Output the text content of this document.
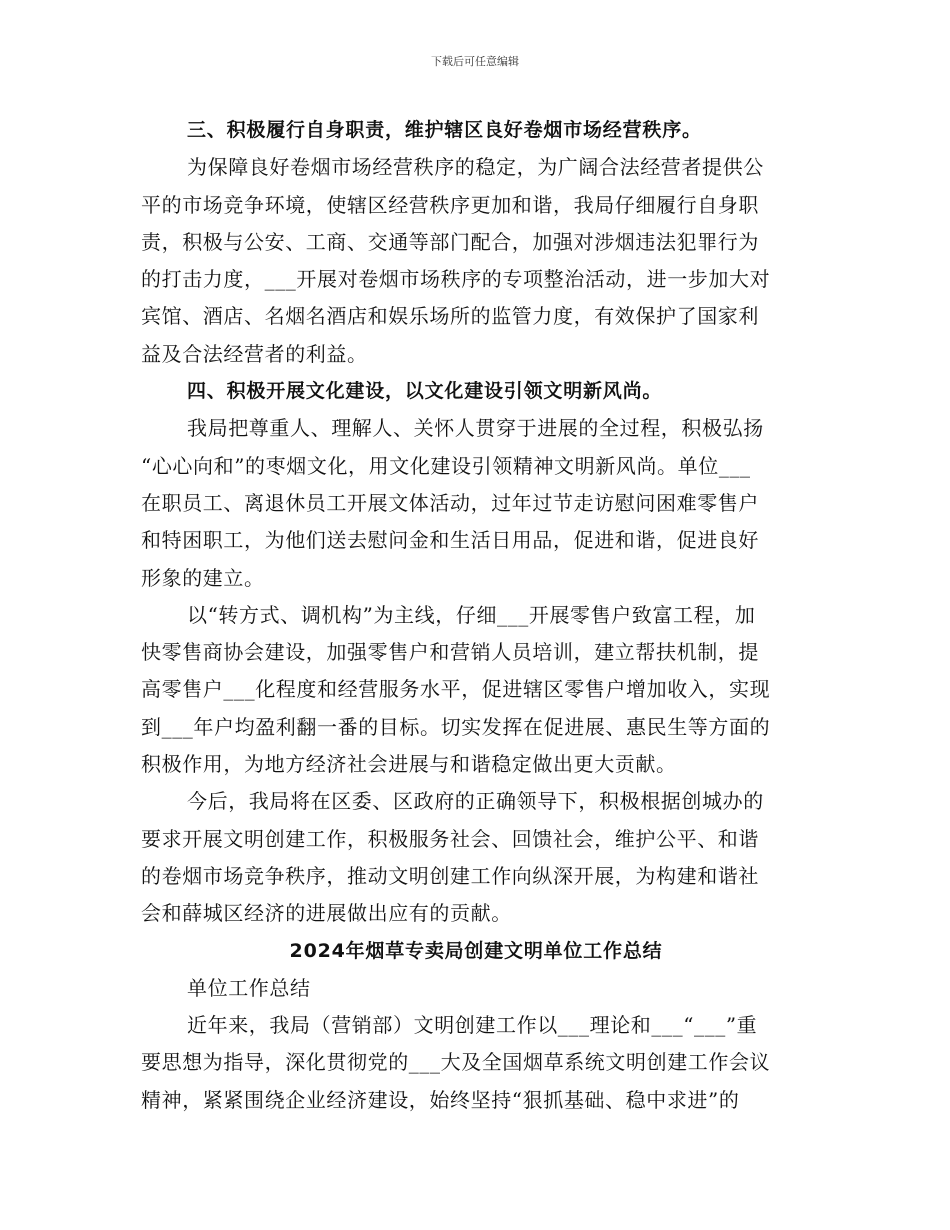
下载后可任意编辑
三、积极履行自身职责，维护辖区良好卷烟市场经营秩序。
为保障良好卷烟市场经营秩序的稳定，为广阔合法经营者提供公
平的市场竞争环境，使辖区经营秩序更加和谐，我局仔细履行自身职
责，积极与公安、工商、交通等部门配合，加强对涉烟违法犯罪行为
的打击力度，___开展对卷烟市场秩序的专项整治活动，进一步加大对
宾馆、酒店、名烟名酒店和娱乐场所的监管力度，有效保护了国家利
益及合法经营者的利益。
四、积极开展文化建设，以文化建设引领文明新风尚。
我局把尊重人、理解人、关怀人贯穿于进展的全过程，积极弘扬
“心心向和”的枣烟文化，用文化建设引领精神文明新风尚。单位___
在职员工、离退休员工开展文体活动，过年过节走访慰问困难零售户
和特困职工，为他们送去慰问金和生活日用品，促进和谐，促进良好
形象的建立。
以“转方式、调机构”为主线，仔细___开展零售户致富工程，加
快零售商协会建设，加强零售户和营销人员培训，建立帮扶机制，提
高零售户___化程度和经营服务水平，促进辖区零售户增加收入，实现
到___年户均盈利翻一番的目标。切实发挥在促进展、惠民生等方面的
积极作用，为地方经济社会进展与和谐稳定做出更大贡献。
今后，我局将在区委、区政府的正确领导下，积极根据创城办的
要求开展文明创建工作，积极服务社会、回馈社会，维护公平、和谐
的卷烟市场竞争秩序，推动文明创建工作向纵深开展，为构建和谐社
会和薛城区经济的进展做出应有的贡献。
2024年烟草专卖局创建文明单位工作总结
单位工作总结
近年来，我局（营销部）文明创建工作以___理论和___“___”重
要思想为指导，深化贯彻党的___大及全国烟草系统文明创建工作会议
精神，紧紧围绕企业经济建设，始终坚持“狠抓基础、稳中求进”的
